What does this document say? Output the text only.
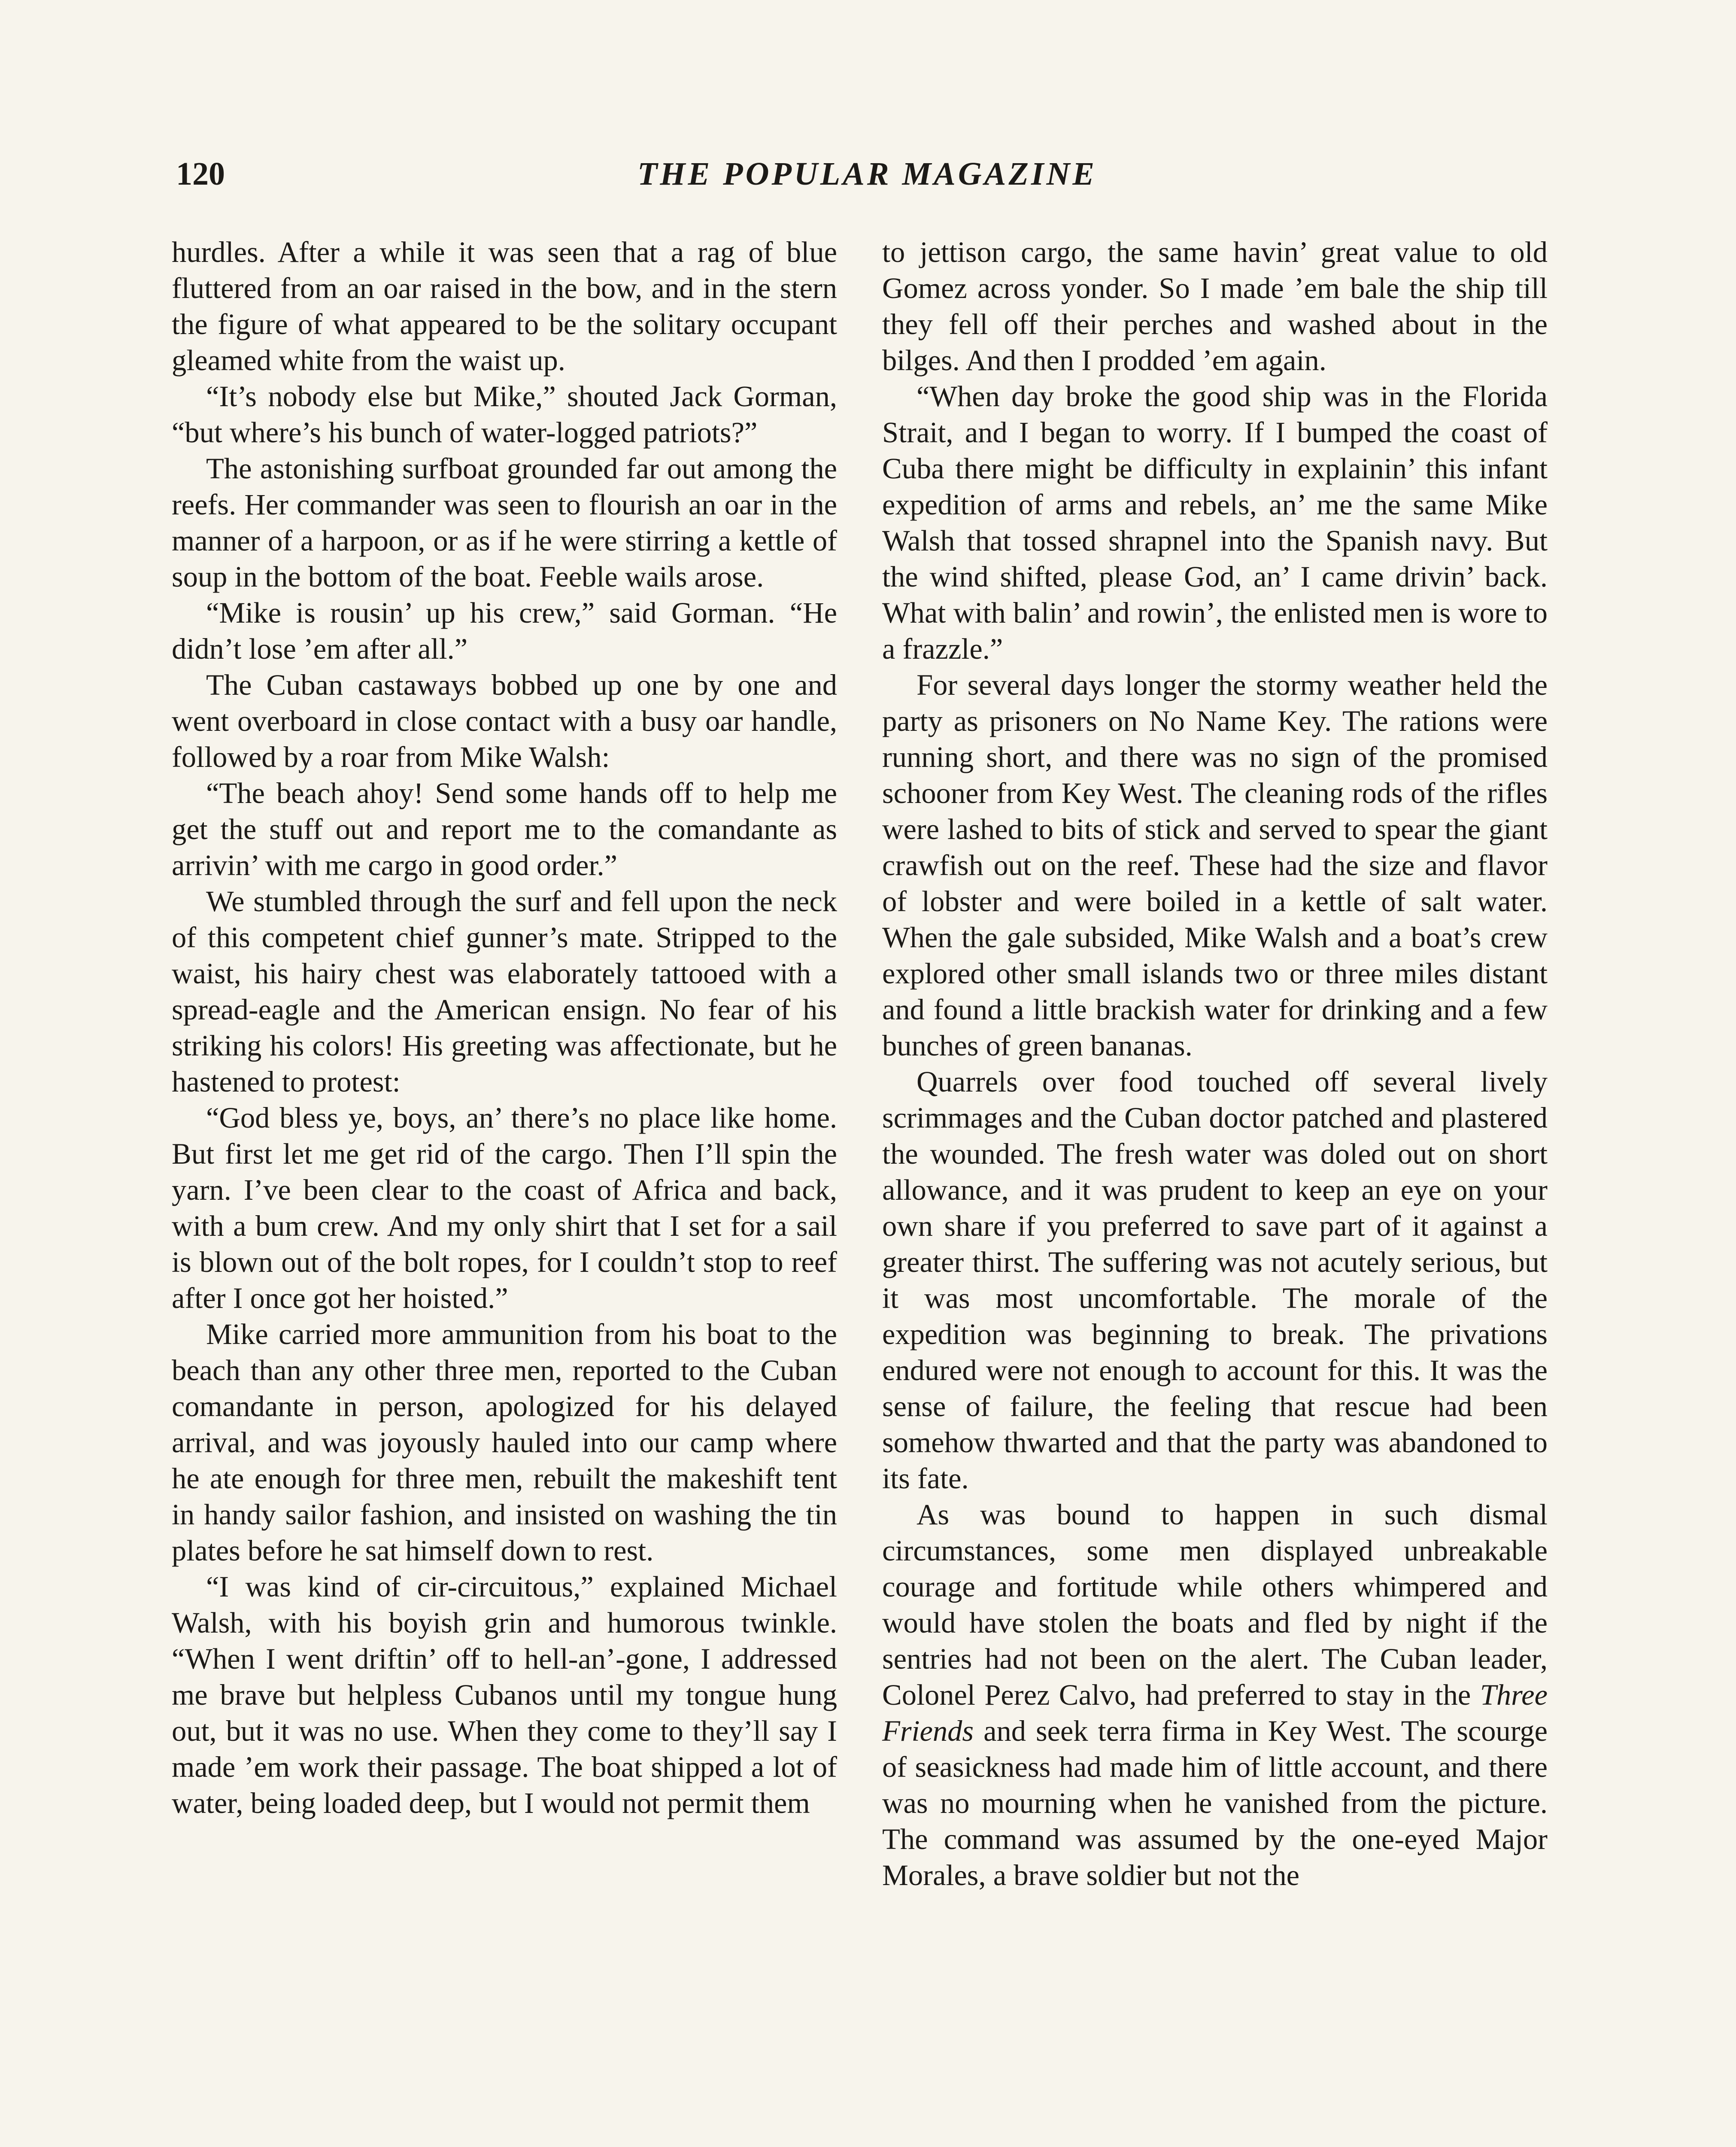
120	THE POPULAR MAGAZINE

hurdles. After a while it was seen that a rag of blue fluttered from an oar raised in the bow, and in the stern the figure of what appeared to be the solitary occupant gleamed white from the waist up.

“It’s nobody else but Mike,” shouted Jack Gorman, “but where’s his bunch of water-logged patriots?”

The astonishing surfboat grounded far out among the reefs. Her commander was seen to flourish an oar in the manner of a harpoon, or as if he were stirring a kettle of soup in the bottom of the boat. Feeble wails arose.

“Mike is rousin’ up his crew,” said Gorman. “He didn’t lose ’em after all.”

The Cuban castaways bobbed up one by one and went overboard in close contact with a busy oar handle, followed by a roar from Mike Walsh:

“The beach ahoy! Send some hands off to help me get the stuff out and report me to the comandante as arrivin’ with me cargo in good order.”

We stumbled through the surf and fell upon the neck of this competent chief gunner’s mate. Stripped to the waist, his hairy chest was elaborately tattooed with a spread-eagle and the American ensign. No fear of his striking his colors! His greeting was affectionate, but he hastened to protest:

“God bless ye, boys, an’ there’s no place like home. But first let me get rid of the cargo. Then I’ll spin the yarn. I’ve been clear to the coast of Africa and back, with a bum crew. And my only shirt that I set for a sail is blown out of the bolt ropes, for I couldn’t stop to reef after I once got her hoisted.”

Mike carried more ammunition from his boat to the beach than any other three men, reported to the Cuban comandante in person, apologized for his delayed arrival, and was joyously hauled into our camp where he ate enough for three men, rebuilt the makeshift tent in handy sailor fashion, and insisted on washing the tin plates before he sat himself down to rest.

“I was kind of cir-circuitous,” explained Michael Walsh, with his boyish grin and humorous twinkle. “When I went driftin’ off to hell-an’-gone, I addressed me brave but helpless Cubanos until my tongue hung out, but it was no use. When they come to they’ll say I made ’em work their passage. The boat shipped a lot of water, being loaded deep, but I would not permit them

to jettison cargo, the same havin’ great value to old Gomez across yonder. So I made ’em bale the ship till they fell off their perches and washed about in the bilges. And then I prodded ’em again.

“When day broke the good ship was in the Florida Strait, and I began to worry. If I bumped the coast of Cuba there might be difficulty in explainin’ this infant expedition of arms and rebels, an’ me the same Mike Walsh that tossed shrapnel into the Spanish navy. But the wind shifted, please God, an’ I came drivin’ back. What with balin’ and rowin’, the enlisted men is wore to a frazzle.”

For several days longer the stormy weather held the party as prisoners on No Name Key. The rations were running short, and there was no sign of the promised schooner from Key West. The cleaning rods of the rifles were lashed to bits of stick and served to spear the giant crawfish out on the reef. These had the size and flavor of lobster and were boiled in a kettle of salt water. When the gale subsided, Mike Walsh and a boat’s crew explored other small islands two or three miles distant and found a little brackish water for drinking and a few bunches of green bananas.

Quarrels over food touched off several lively scrimmages and the Cuban doctor patched and plastered the wounded. The fresh water was doled out on short allowance, and it was prudent to keep an eye on your own share if you preferred to save part of it against a greater thirst. The suffering was not acutely serious, but it was most uncomfortable. The morale of the expedition was beginning to break. The privations endured were not enough to account for this. It was the sense of failure, the feeling that rescue had been somehow thwarted and that the party was abandoned to its fate.

As was bound to happen in such dismal circumstances, some men displayed unbreakable courage and fortitude while others whimpered and would have stolen the boats and fled by night if the sentries had not been on the alert. The Cuban leader, Colonel Perez Calvo, had preferred to stay in the Three Friends and seek terra firma in Key West. The scourge of seasickness had made him of little account, and there was no mourning when he vanished from the picture. The command was assumed by the one-eyed Major Morales, a brave soldier but not the
